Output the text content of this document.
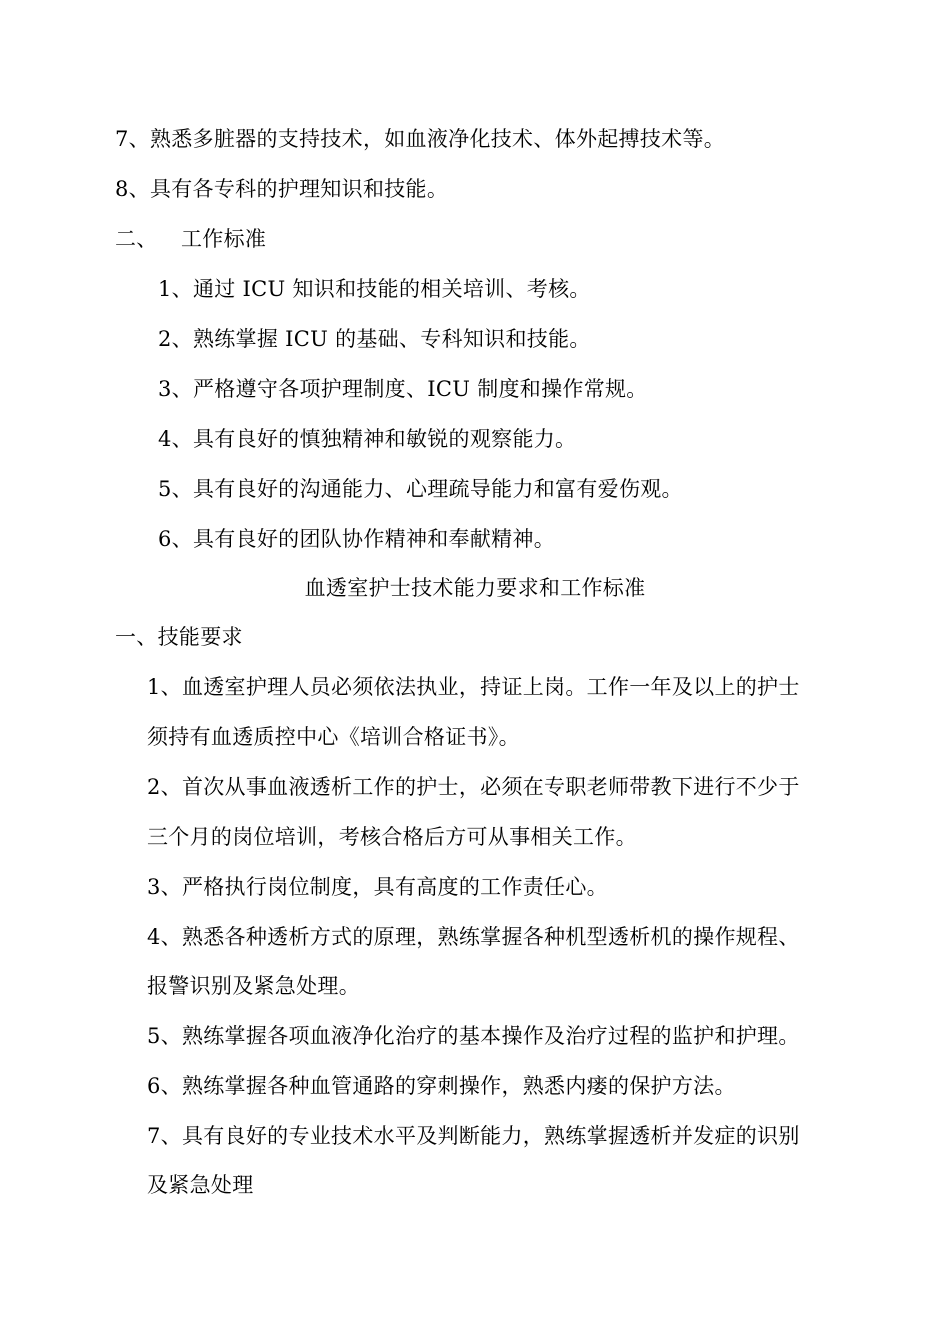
7、熟悉多脏器的支持技术，如血液净化技术、体外起搏技术等。
8、具有各专科的护理知识和技能。
二、 工作标准
1、通过 ICU 知识和技能的相关培训、考核。
2、熟练掌握 ICU 的基础、专科知识和技能。
3、严格遵守各项护理制度、ICU 制度和操作常规。
4、具有良好的慎独精神和敏锐的观察能力。
5、具有良好的沟通能力、心理疏导能力和富有爱伤观。
6、具有良好的团队协作精神和奉献精神。
血透室护士技术能力要求和工作标准
一、技能要求
1、血透室护理人员必须依法执业，持证上岗。工作一年及以上的护士
须持有血透质控中心《培训合格证书》。
2、首次从事血液透析工作的护士，必须在专职老师带教下进行不少于
三个月的岗位培训，考核合格后方可从事相关工作。
3、严格执行岗位制度，具有高度的工作责任心。
4、熟悉各种透析方式的原理，熟练掌握各种机型透析机的操作规程、
报警识别及紧急处理。
5、熟练掌握各项血液净化治疗的基本操作及治疗过程的监护和护理。
6、熟练掌握各种血管通路的穿刺操作，熟悉内瘘的保护方法。
7、具有良好的专业技术水平及判断能力，熟练掌握透析并发症的识别
及紧急处理
